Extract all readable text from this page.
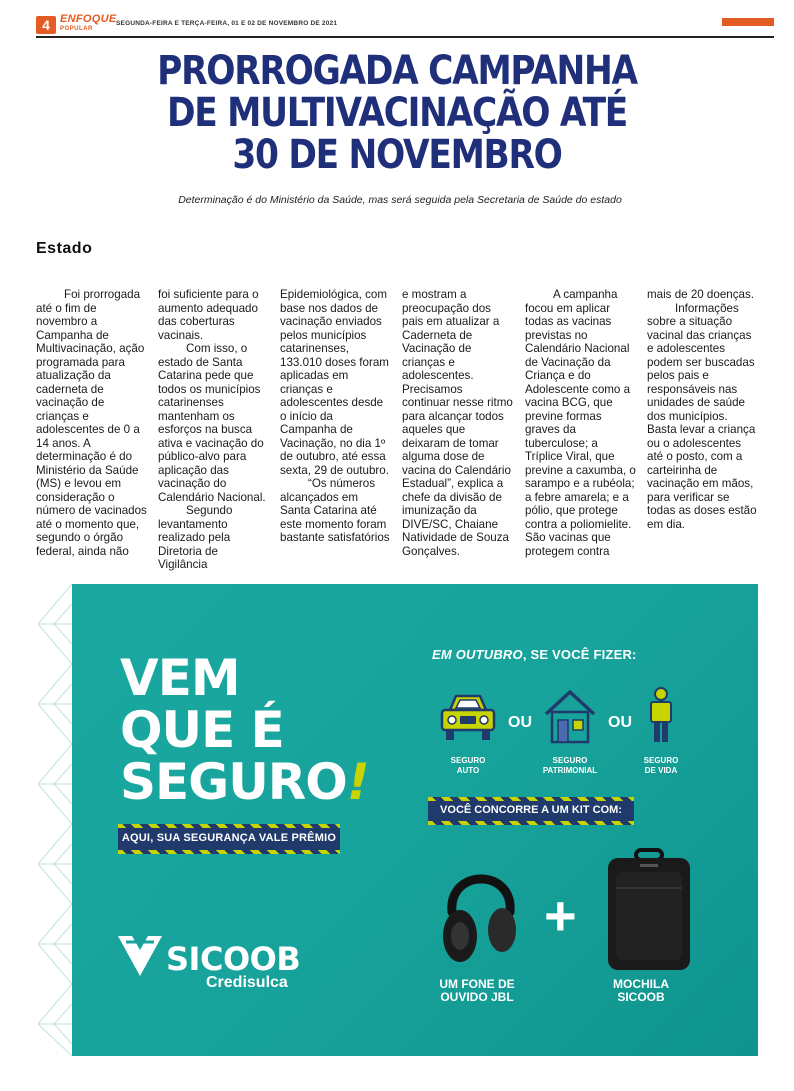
4 ENFOQUE
POPULAR
SEGUNDA-FEIRA E TERÇA-FEIRA, 01 E 02 DE NOVEMBRO DE 2021
PRORROGADA CAMPANHA
DE MULTIVACINAÇÃO ATÉ
30 DE NOVEMBRO
Determinação é do Ministério da Saúde, mas será seguida pela Secretaria de Saúde do estado
Estado

Foi prorrogada até o fim de novembro a Campanha de Multivacinação, ação programada para atualização da caderneta de vacinação de crianças e adolescentes de 0 a 14 anos. A determinação é do Ministério da Saúde (MS) e levou em consideração o número de vacinados até o momento que, segundo o órgão federal, ainda não

foi suficiente para o aumento adequado das coberturas vacinais.

Com isso, o estado de Santa Catarina pede que todos os municípios catarinenses mantenham os esforços na busca ativa e vacinação do público-alvo para aplicação das vacinação do Calendário Nacional.

Segundo levantamento realizado pela Diretoria de Vigilância

Epidemiológica, com base nos dados de vacinação enviados pelos municípios catarinenses, 133.010 doses foram aplicadas em crianças e adolescentes desde o início da Campanha de Vacinação, no dia 1º de outubro, até essa sexta, 29 de outubro.

“Os números alcançados em Santa Catarina até este momento foram bastante satisfatórios

e mostram a preocupação dos pais em atualizar a Caderneta de Vacinação de crianças e adolescentes. Precisamos continuar nesse ritmo para alcançar todos aqueles que deixaram de tomar alguma dose de vacina do Calendário Estadual”, explica a chefe da divisão de imunização da DIVE/SC, Chaiane Natividade de Souza Gonçalves.

A campanha focou em aplicar todas as vacinas previstas no Calendário Nacional de Vacinação da Criança e do Adolescente como a vacina BCG, que previne formas graves da tuberculose; a Tríplice Viral, que previne a caxumba, o sarampo e a rubéola; a febre amarela; e a pólio, que protege contra a poliomielite. São vacinas que protegem contra

mais de 20 doenças.

Informações sobre a situação vacinal das crianças e adolescentes podem ser buscadas pelos pais e responsáveis nas unidades de saúde dos municípios. Basta levar a criança ou o adolescentes até o posto, com a carteirinha de vacinação em mãos, para verificar se todas as doses estão em dia.

VEM
QUE É
SEGURO!
AQUI, SUA SEGURANÇA VALE PRÊMIO
EM OUTUBRO, SE VOCÊ FIZER:
SEGURO
AUTO
OU
SEGURO
PATRIMONIAL
OU
SEGURO
DE VIDA
VOCÊ CONCORRE A UM KIT COM:
UM FONE DE
OUVIDO JBL
+
MOCHILA
SICOOB
SICOOB
Credisulca
